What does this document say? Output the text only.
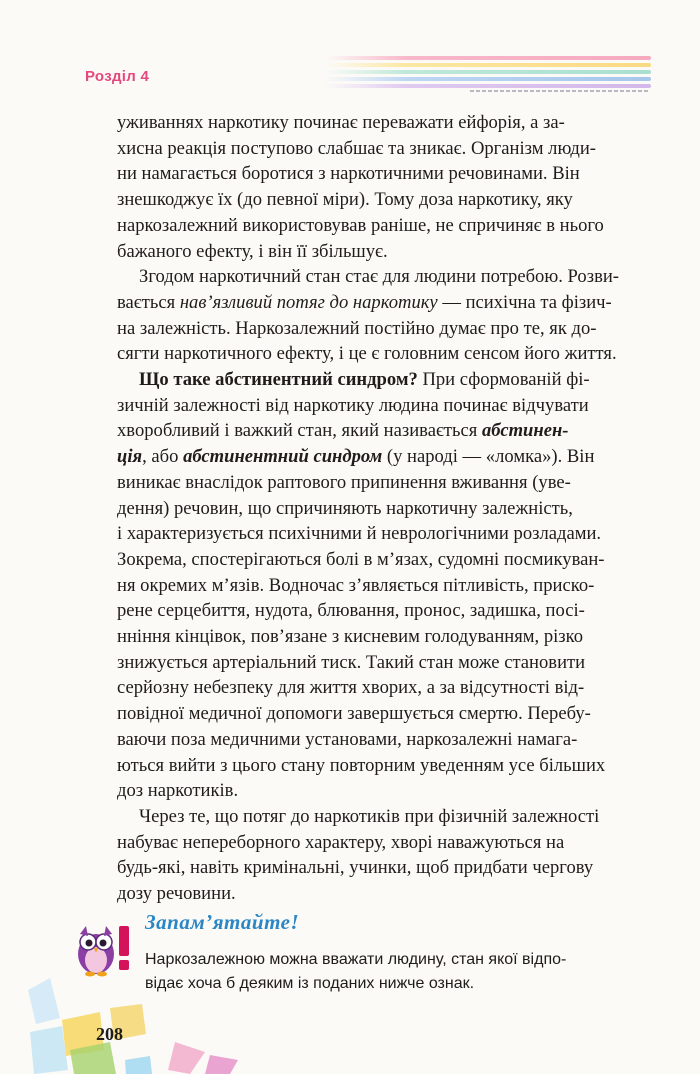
Розділ 4
уживаннях наркотику починає переважати ейфорія, а за-
хисна реакція поступово слабшає та зникає. Організм люди-
ни намагається боротися з наркотичними речовинами. Він
знешкоджує їх (до певної міри). Тому доза наркотику, яку
наркозалежний використовував раніше, не спричиняє в нього
бажаного ефекту, і він її збільшує.
Згодом наркотичний стан стає для людини потребою. Розви-
вається нав’язливий потяг до наркотику — психічна та фізич-
на залежність. Наркозалежний постійно думає про те, як до-
сягти наркотичного ефекту, і це є головним сенсом його життя.
Що таке абстинентний синдром? При сформованій фі-
зичній залежності від наркотику людина починає відчувати
хворобливий і важкий стан, який називається абстинен-
ція, або абстинентний синдром (у народі — «ломка»). Він
виникає внаслідок раптового припинення вживання (уве-
дення) речовин, що спричиняють наркотичну залежність,
і характеризується психічними й неврологічними розладами.
Зокрема, спостерігаються болі в м’язах, судомні посмикуван-
ня окремих м’язів. Водночас з’являється пітливість, приско-
рене серцебиття, нудота, блювання, пронос, задишка, посі-
нніння кінцівок, пов’язане з кисневим голодуванням, різко
знижується артеріальний тиск. Такий стан може становити
серйозну небезпеку для життя хворих, а за відсутності від-
повідної медичної допомоги завершується смертю. Перебу-
ваючи поза медичними установами, наркозалежні намага-
ються вийти з цього стану повторним уведенням усе більших
доз наркотиків.
Через те, що потяг до наркотиків при фізичній залежності
набуває непереборного характеру, хворі наважуються на
будь-які, навіть кримінальні, учинки, щоб придбати чергову
дозу речовини.
Запам’ятайте!
Наркозалежною можна вважати людину, стан якої відпо-
відає хоча б деяким із поданих нижче ознак.
208
